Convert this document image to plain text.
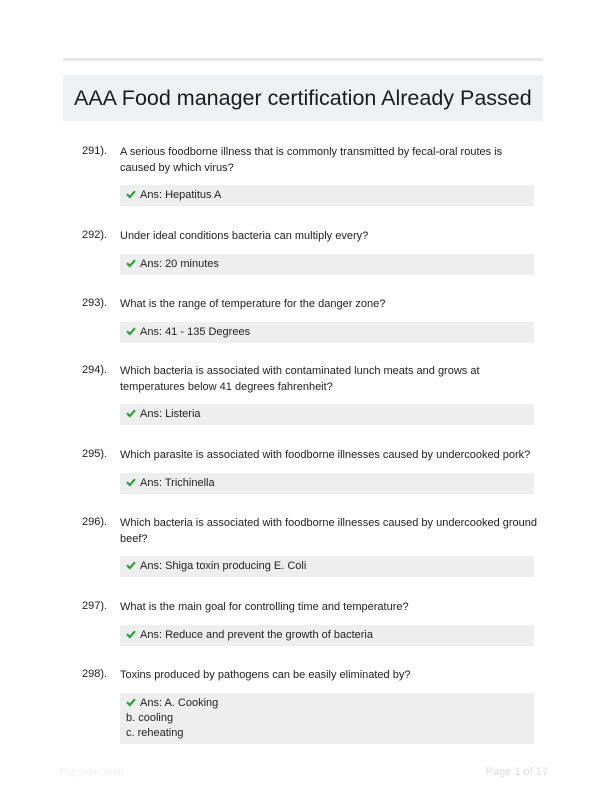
AAA Food manager certification Already Passed
291). A serious foodborne illness that is commonly transmitted by fecal-oral routes is caused by which virus?
Ans: Hepatitus A
292). Under ideal conditions bacteria can multiply every?
Ans: 20 minutes
293). What is the range of temperature for the danger zone?
Ans: 41 - 135 Degrees
294). Which bacteria is associated with contaminated lunch meats and grows at temperatures below 41 degrees fahrenheit?
Ans: Listeria
295). Which parasite is associated with foodborne illnesses caused by undercooked pork?
Ans: Trichinella
296). Which bacteria is associated with foodborne illnesses caused by undercooked ground beef?
Ans: Shiga toxin producing E. Coli
297). What is the main goal for controlling time and temperature?
Ans: Reduce and prevent the growth of bacteria
298). Toxins produced by pathogens can be easily eliminated by?
Ans: A. Cooking
b. cooling
c. reheating
Paperdoc.com	Page 1 of 17
